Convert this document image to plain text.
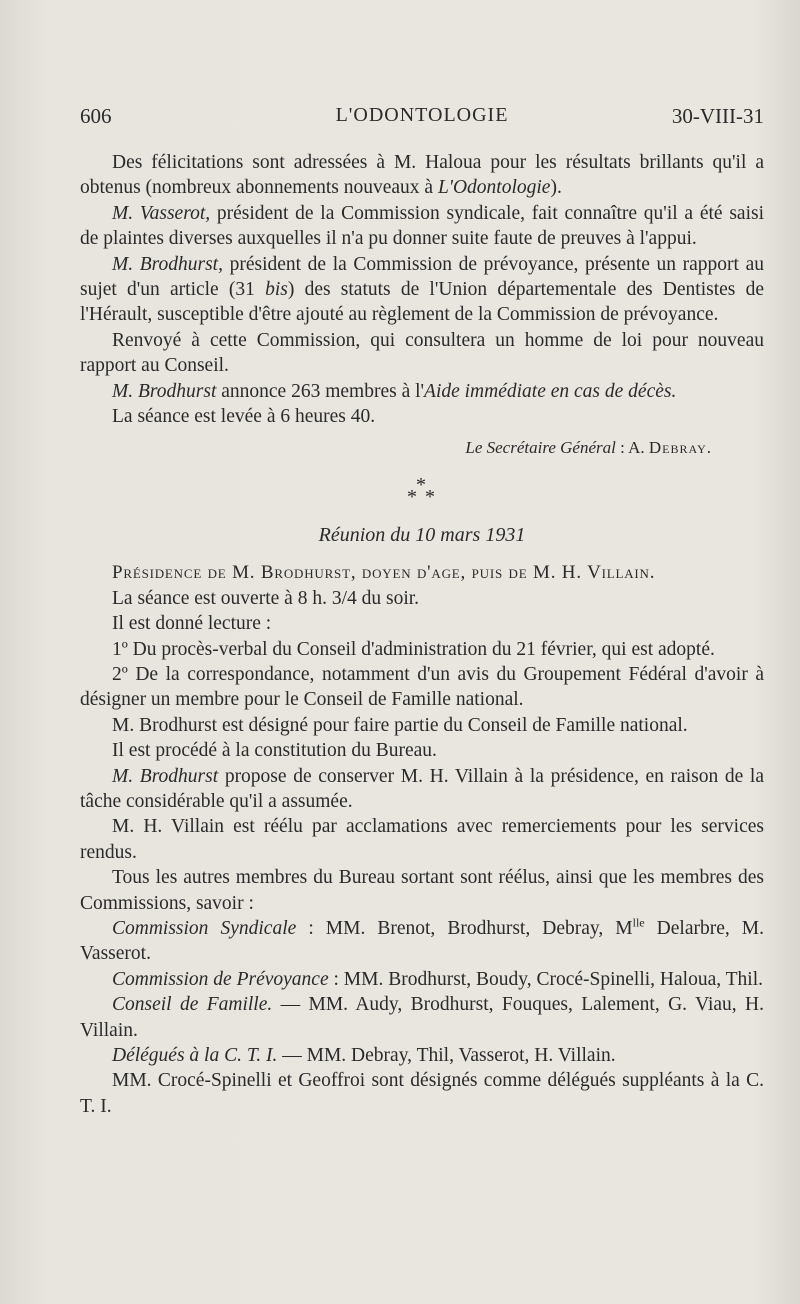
606	L'ODONTOLOGIE	30-VIII-31

Des félicitations sont adressées à M. Haloua pour les résultats brillants qu'il a obtenus (nombreux abonnements nouveaux à L'Odontologie).

M. Vasserot, président de la Commission syndicale, fait connaître qu'il a été saisi de plaintes diverses auxquelles il n'a pu donner suite faute de preuves à l'appui.

M. Brodhurst, président de la Commission de prévoyance, présente un rapport au sujet d'un article (31 bis) des statuts de l'Union départementale des Dentistes de l'Hérault, susceptible d'être ajouté au règlement de la Commission de prévoyance.

Renvoyé à cette Commission, qui consultera un homme de loi pour nouveau rapport au Conseil.

M. Brodhurst annonce 263 membres à l'Aide immédiate en cas de décès.

La séance est levée à 6 heures 40.

Le Secrétaire Général : A. Debray.
*
* *
Réunion du 10 mars 1931

Présidence de M. Brodhurst, doyen d'age, puis de M. H. Villain.

La séance est ouverte à 8 h. 3/4 du soir.

Il est donné lecture :

1º Du procès-verbal du Conseil d'administration du 21 février, qui est adopté.

2º De la correspondance, notamment d'un avis du Groupement Fédéral d'avoir à désigner un membre pour le Conseil de Famille national.

M. Brodhurst est désigné pour faire partie du Conseil de Famille national.

Il est procédé à la constitution du Bureau.

M. Brodhurst propose de conserver M. H. Villain à la présidence, en raison de la tâche considérable qu'il a assumée.

M. H. Villain est réélu par acclamations avec remerciements pour les services rendus.

Tous les autres membres du Bureau sortant sont réélus, ainsi que les membres des Commissions, savoir :

Commission Syndicale : MM. Brenot, Brodhurst, Debray, $M^{lle}$ Delarbre, M. Vasserot.

Commission de Prévoyance : MM. Brodhurst, Boudy, Crocé-Spinelli, Haloua, Thil.

Conseil de Famille. — MM. Audy, Brodhurst, Fouques, Lalement, G. Viau, H. Villain.

Délégués à la C. T. I. — MM. Debray, Thil, Vasserot, H. Villain.

MM. Crocé-Spinelli et Geoffroi sont désignés comme délégués suppléants à la C. T. I.
